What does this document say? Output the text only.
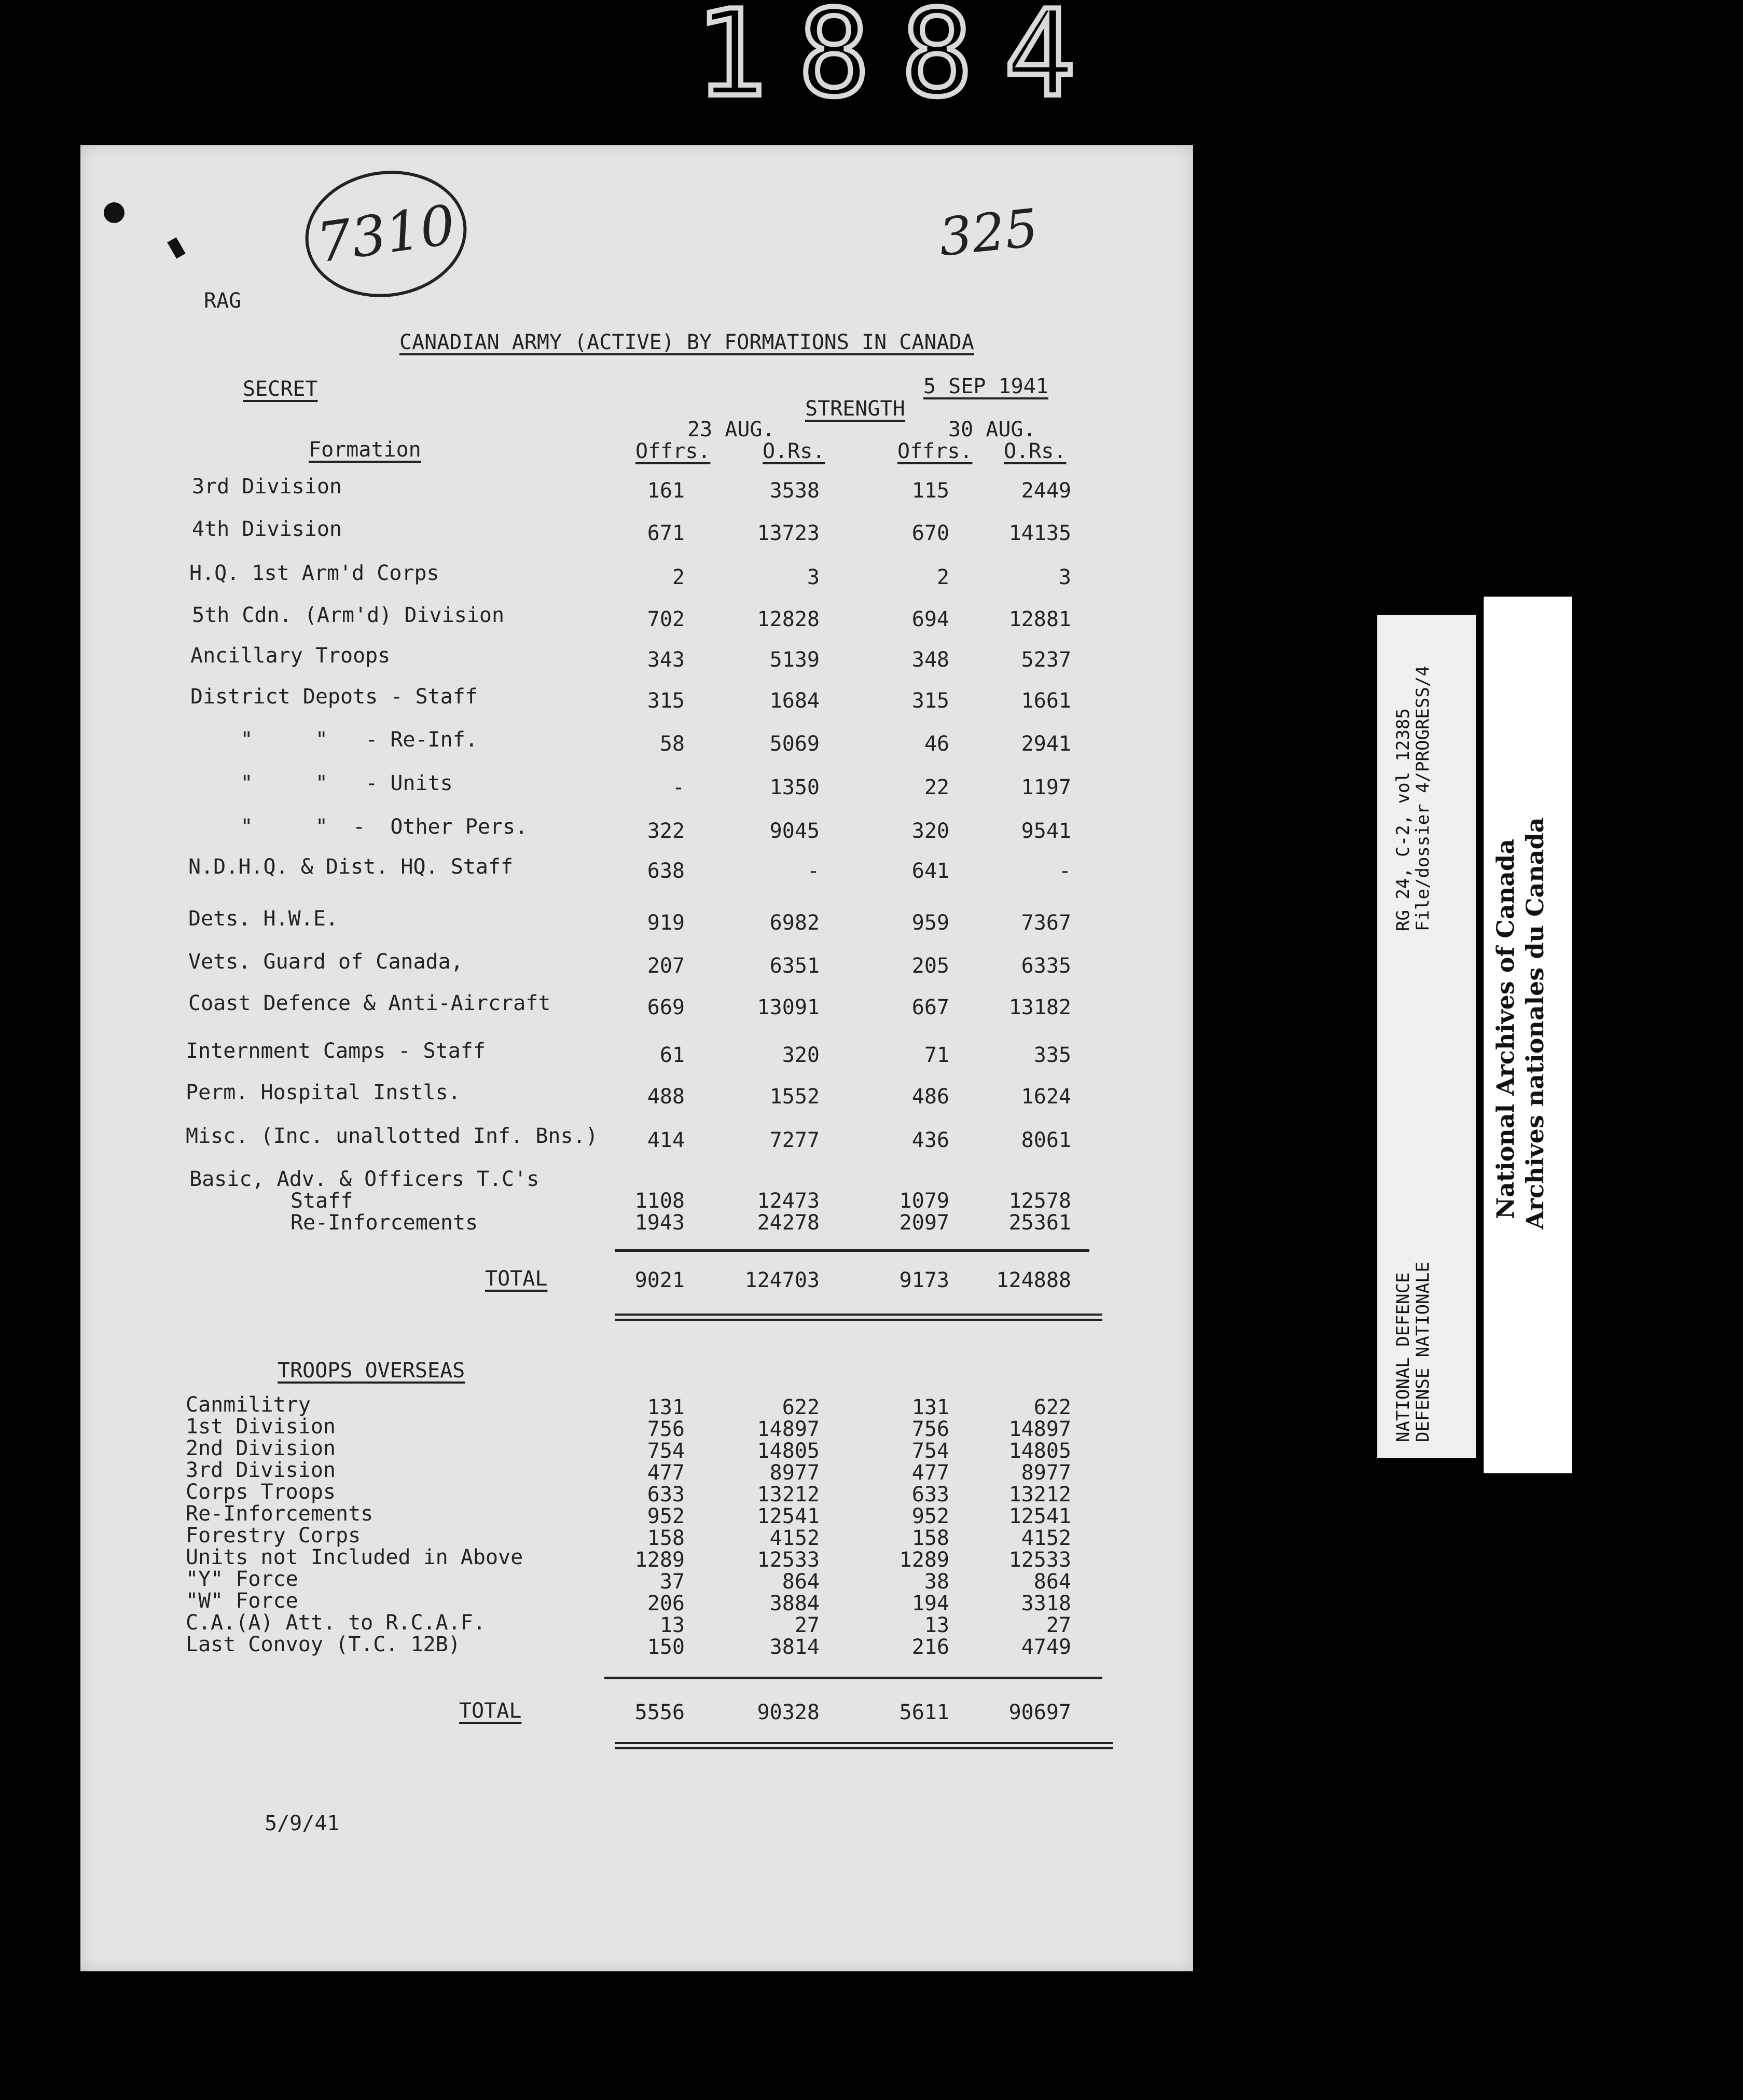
1884
7310	325
RAG
CANADIAN ARMY (ACTIVE) BY FORMATIONS IN CANADA
SECRET	5 SEP 1941
STRENGTH
23 AUG.	30 AUG.
Formation	Offrs.	O.Rs.	Offrs. O.Rs.
3rd Division	161	3538	115	2449
4th Division	671	13723	670	14135
H.Q. 1st Arm'd Corps	2	3	2	3
5th Cdn. (Arm'd) Division	702	12828	694	12881
Ancillary Troops	343	5139	348	5237
District Depots - Staff	315	1684	315	1661
"     "   - Re-Inf.	58	5069	46	2941
"     "   - Units	-	1350	22	1197
"     "  -  Other Pers.	322	9045	320	9541
N.D.H.Q. & Dist. HQ. Staff	638	-	641	-
Dets. H.W.E.	919	6982	959	7367
Vets. Guard of Canada,	207	6351	205	6335
Coast Defence & Anti-Aircraft	669	13091	667	13182
Internment Camps - Staff	61	320	71	335
Perm. Hospital Instls.	488	1552	486	1624
Misc. (Inc. unallotted Inf. Bns.)	414	7277	436	8061
Basic, Adv. & Officers T.C's
Staff	1108	12473	1079	12578
Re-Inforcements	1943	24278	2097	25361
TOTAL	9021	124703	9173	124888
TROOPS OVERSEAS
Canmilitry	131	622	131	622
1st Division	756	14897	756	14897
2nd Division	754	14805	754	14805
3rd Division	477	8977	477	8977
Corps Troops	633	13212	633	13212
Re-Inforcements	952	12541	952	12541
Forestry Corps	158	4152	158	4152
Units not Included in Above	1289	12533	1289	12533
"Y" Force	37	864	38	864
"W" Force	206	3884	194	3318
C.A.(A) Att. to R.C.A.F.	13	27	13	27
Last Convoy (T.C. 12B)	150	3814	216	4749
TOTAL	5556	90328	5611	90697
5/9/41
RG 24, C-2, vol 12385
File/dossier 4/PROGRESS/4
NATIONAL DEFENCE
DEFENSE NATIONALE
National Archives of Canada Archives nationales du Canada
